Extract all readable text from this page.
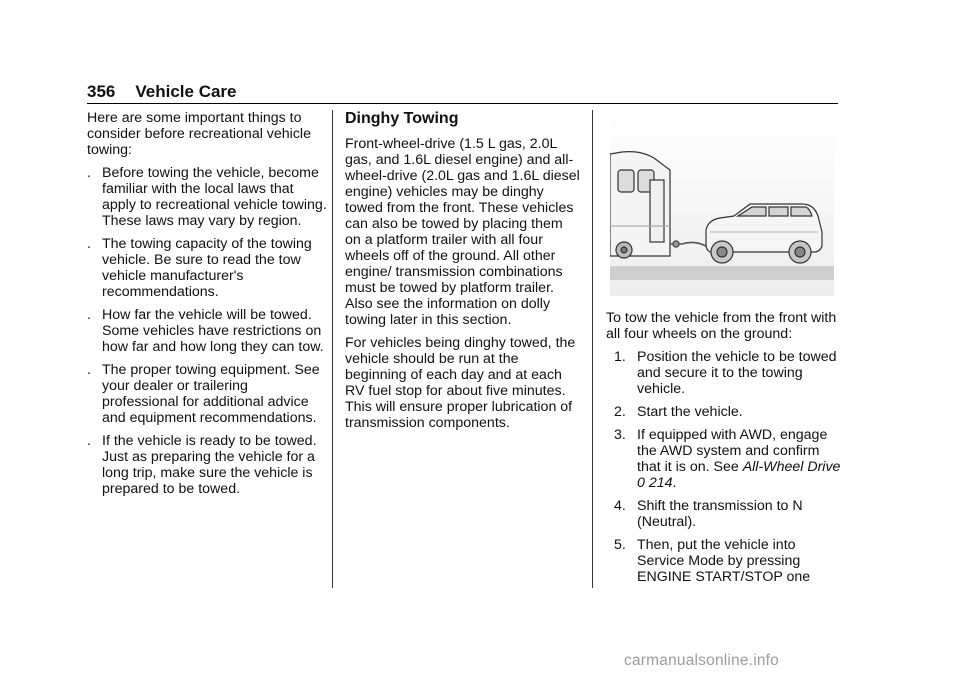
356 Vehicle Care

Here are some important things to consider before recreational vehicle towing:

. Before towing the vehicle, become familiar with the local laws that apply to recreational vehicle towing. These laws may vary by region.
. The towing capacity of the towing vehicle. Be sure to read the tow vehicle manufacturer's recommendations.
. How far the vehicle will be towed. Some vehicles have restrictions on how far and how long they can tow.
. The proper towing equipment. See your dealer or trailering professional for additional advice and equipment recommendations.
. If the vehicle is ready to be towed. Just as preparing the vehicle for a long trip, make sure the vehicle is prepared to be towed.
Dinghy Towing

Front-wheel-drive (1.5 L gas, 2.0L gas, and 1.6L diesel engine) and all-wheel-drive (2.0L gas and 1.6L diesel engine) vehicles may be dinghy towed from the front. These vehicles can also be towed by placing them on a platform trailer with all four wheels off of the ground. All other engine/ transmission combinations must be towed by platform trailer. Also see the information on dolly towing later in this section.

For vehicles being dinghy towed, the vehicle should be run at the beginning of each day and at each RV fuel stop for about five minutes. This will ensure proper lubrication of transmission components.

To tow the vehicle from the front with all four wheels on the ground:

1. Position the vehicle to be towed and secure it to the towing vehicle.
2. Start the vehicle.
3. If equipped with AWD, engage the AWD system and confirm that it is on. See All-Wheel Drive 0 214.
4. Shift the transmission to N (Neutral).
5. Then, put the vehicle into Service Mode by pressing ENGINE START/STOP one
carmanualsonline.info
